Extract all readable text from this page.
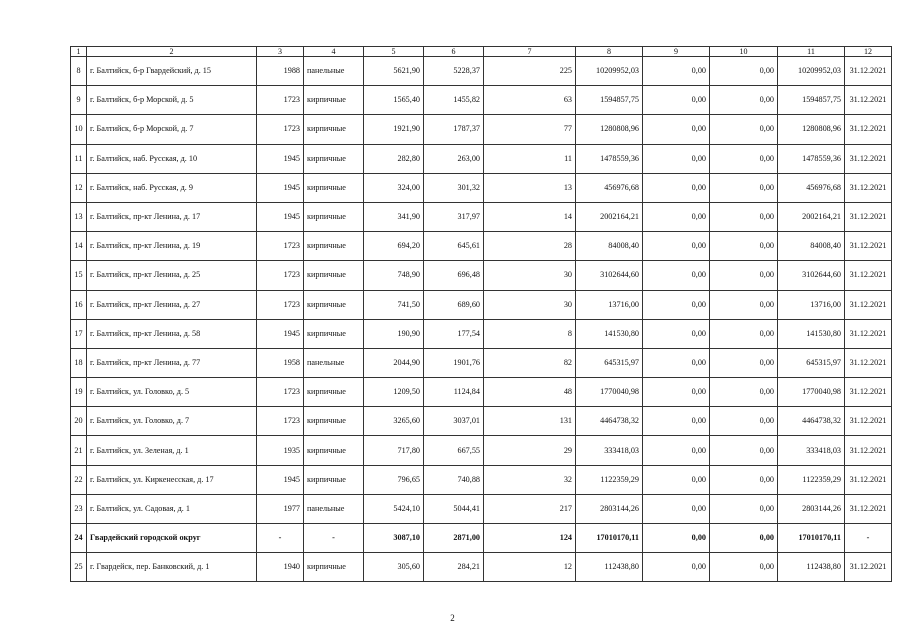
1	2	3	4	5	6	7	8	9	10	11	12
8	г. Балтийск, б-р Гвардейский, д. 15	1988	панельные	5621,90	5228,37	225	10209952,03	0,00	0,00	10209952,03	31.12.2021
9	г. Балтийск, б-р Морской, д. 5	1723	кирпичные	1565,40	1455,82	63	1594857,75	0,00	0,00	1594857,75	31.12.2021
10	г. Балтийск, б-р Морской, д. 7	1723	кирпичные	1921,90	1787,37	77	1280808,96	0,00	0,00	1280808,96	31.12.2021
11	г. Балтийск, наб. Русская, д. 10	1945	кирпичные	282,80	263,00	11	1478559,36	0,00	0,00	1478559,36	31.12.2021
12	г. Балтийск, наб. Русская, д. 9	1945	кирпичные	324,00	301,32	13	456976,68	0,00	0,00	456976,68	31.12.2021
13	г. Балтийск, пр-кт Ленина, д. 17	1945	кирпичные	341,90	317,97	14	2002164,21	0,00	0,00	2002164,21	31.12.2021
14	г. Балтийск, пр-кт Ленина, д. 19	1723	кирпичные	694,20	645,61	28	84008,40	0,00	0,00	84008,40	31.12.2021
15	г. Балтийск, пр-кт Ленина, д. 25	1723	кирпичные	748,90	696,48	30	3102644,60	0,00	0,00	3102644,60	31.12.2021
16	г. Балтийск, пр-кт Ленина, д. 27	1723	кирпичные	741,50	689,60	30	13716,00	0,00	0,00	13716,00	31.12.2021
17	г. Балтийск, пр-кт Ленина, д. 58	1945	кирпичные	190,90	177,54	8	141530,80	0,00	0,00	141530,80	31.12.2021
18	г. Балтийск, пр-кт Ленина, д. 77	1958	панельные	2044,90	1901,76	82	645315,97	0,00	0,00	645315,97	31.12.2021
19	г. Балтийск, ул. Головко, д. 5	1723	кирпичные	1209,50	1124,84	48	1770040,98	0,00	0,00	1770040,98	31.12.2021
20	г. Балтийск, ул. Головко, д. 7	1723	кирпичные	3265,60	3037,01	131	4464738,32	0,00	0,00	4464738,32	31.12.2021
21	г. Балтийск, ул. Зеленая, д. 1	1935	кирпичные	717,80	667,55	29	333418,03	0,00	0,00	333418,03	31.12.2021
22	г. Балтийск, ул. Киркенесская, д. 17	1945	кирпичные	796,65	740,88	32	1122359,29	0,00	0,00	1122359,29	31.12.2021
23	г. Балтийск, ул. Садовая, д. 1	1977	панельные	5424,10	5044,41	217	2803144,26	0,00	0,00	2803144,26	31.12.2021
24	Гвардейский городской округ	-	-	3087,10	2871,00	124	17010170,11	0,00	0,00	17010170,11	-
25	г. Гвардейск, пер. Банковский, д. 1	1940	кирпичные	305,60	284,21	12	112438,80	0,00	0,00	112438,80	31.12.2021
2
